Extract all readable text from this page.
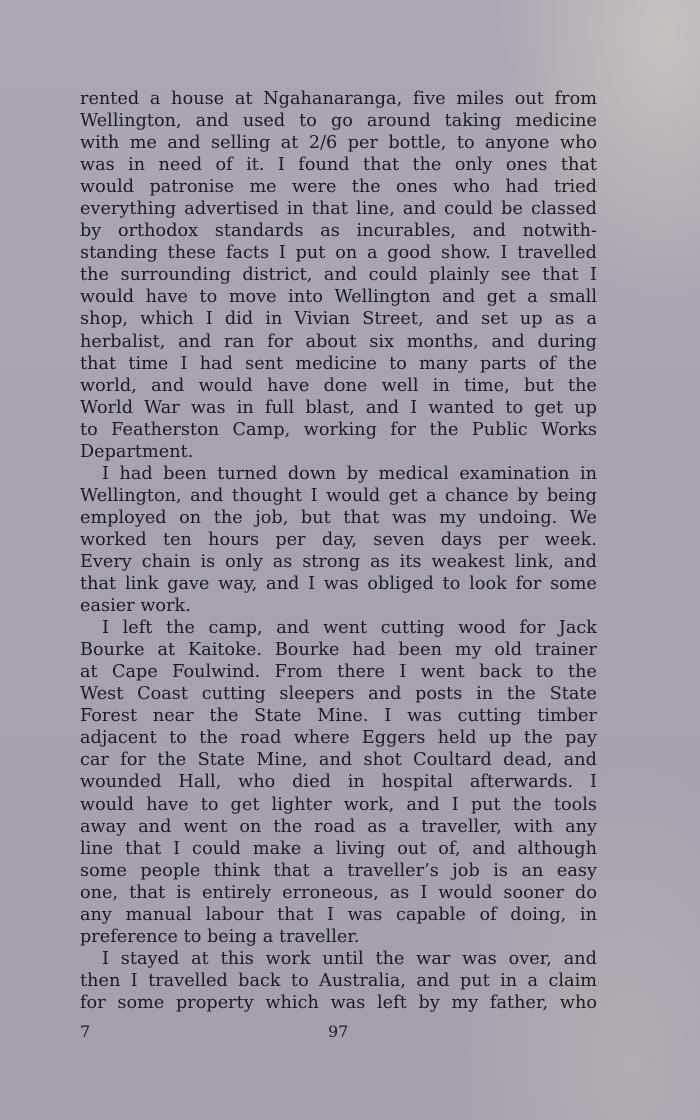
rented a house at Ngahanaranga, five miles out from
Wellington, and used to go around taking medicine
with me and selling at 2/6 per bottle, to anyone who
was in need of it. I found that the only ones that
would patronise me were the ones who had tried
everything advertised in that line, and could be classed
by orthodox standards as incurables, and notwith-
standing these facts I put on a good show. I travelled
the surrounding district, and could plainly see that I
would have to move into Wellington and get a small
shop, which I did in Vivian Street, and set up as a
herbalist, and ran for about six months, and during
that time I had sent medicine to many parts of the
world, and would have done well in time, but the
World War was in full blast, and I wanted to get up
to Featherston Camp, working for the Public Works
Department.
I had been turned down by medical examination in
Wellington, and thought I would get a chance by being
employed on the job, but that was my undoing. We
worked ten hours per day, seven days per week.
Every chain is only as strong as its weakest link, and
that link gave way, and I was obliged to look for some
easier work.
I left the camp, and went cutting wood for Jack
Bourke at Kaitoke. Bourke had been my old trainer
at Cape Foulwind. From there I went back to the
West Coast cutting sleepers and posts in the State
Forest near the State Mine. I was cutting timber
adjacent to the road where Eggers held up the pay
car for the State Mine, and shot Coultard dead, and
wounded Hall, who died in hospital afterwards. I
would have to get lighter work, and I put the tools
away and went on the road as a traveller, with any
line that I could make a living out of, and although
some people think that a traveller’s job is an easy
one, that is entirely erroneous, as I would sooner do
any manual labour that I was capable of doing, in
preference to being a traveller.
I stayed at this work until the war was over, and
then I travelled back to Australia, and put in a claim
for some property which was left by my father, who
7	97
